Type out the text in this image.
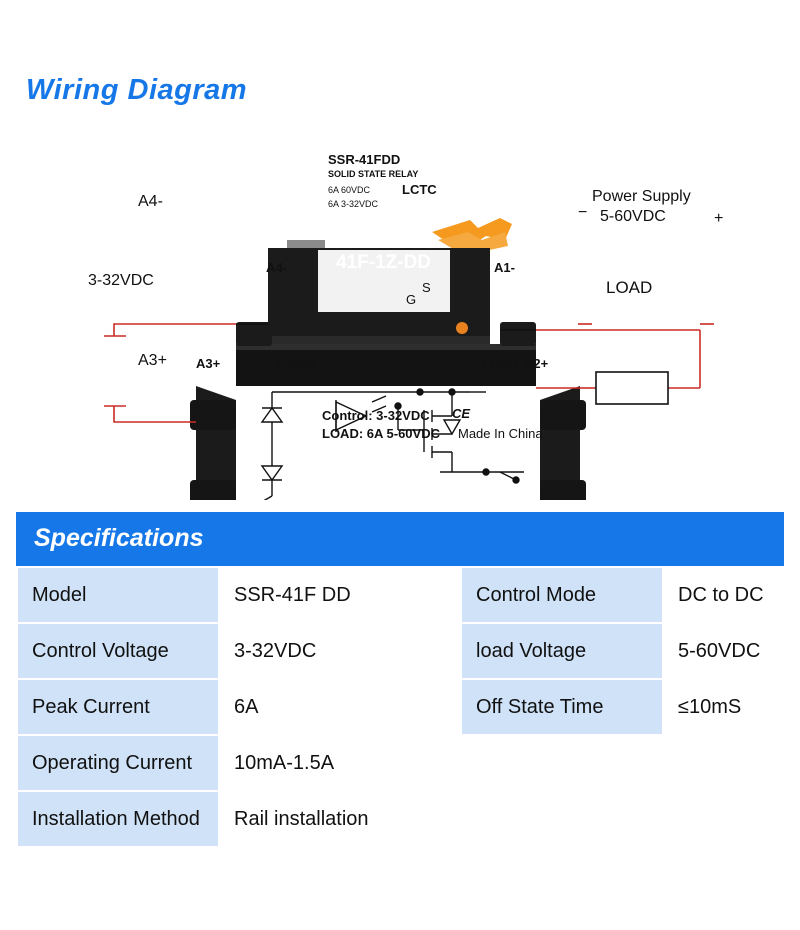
Wiring Diagram
A4-
3-32VDC
A3+
Power Supply
5-60VDC
−	+
LOAD
SSR-41FDD
SOLID STATE RELAY
6A 60VDC
6A 3-32VDC
LCTC
-4 +3	2+ 1-
41F-1Z-DD
A4-	A1-
A3+	A2+
S
G
D
Control	LOAD
Control: 3-32VDC
LOAD: 6A 5-60VDC
CE
Made In China
Specifications
Model	SSR-41F DD	Control Mode	DC to DC
Control Voltage	3-32VDC	load Voltage	5-60VDC
Peak Current	6A	Off State Time	≤10mS
Operating Current	10mA-1.5A		
Installation Method	Rail installation		
